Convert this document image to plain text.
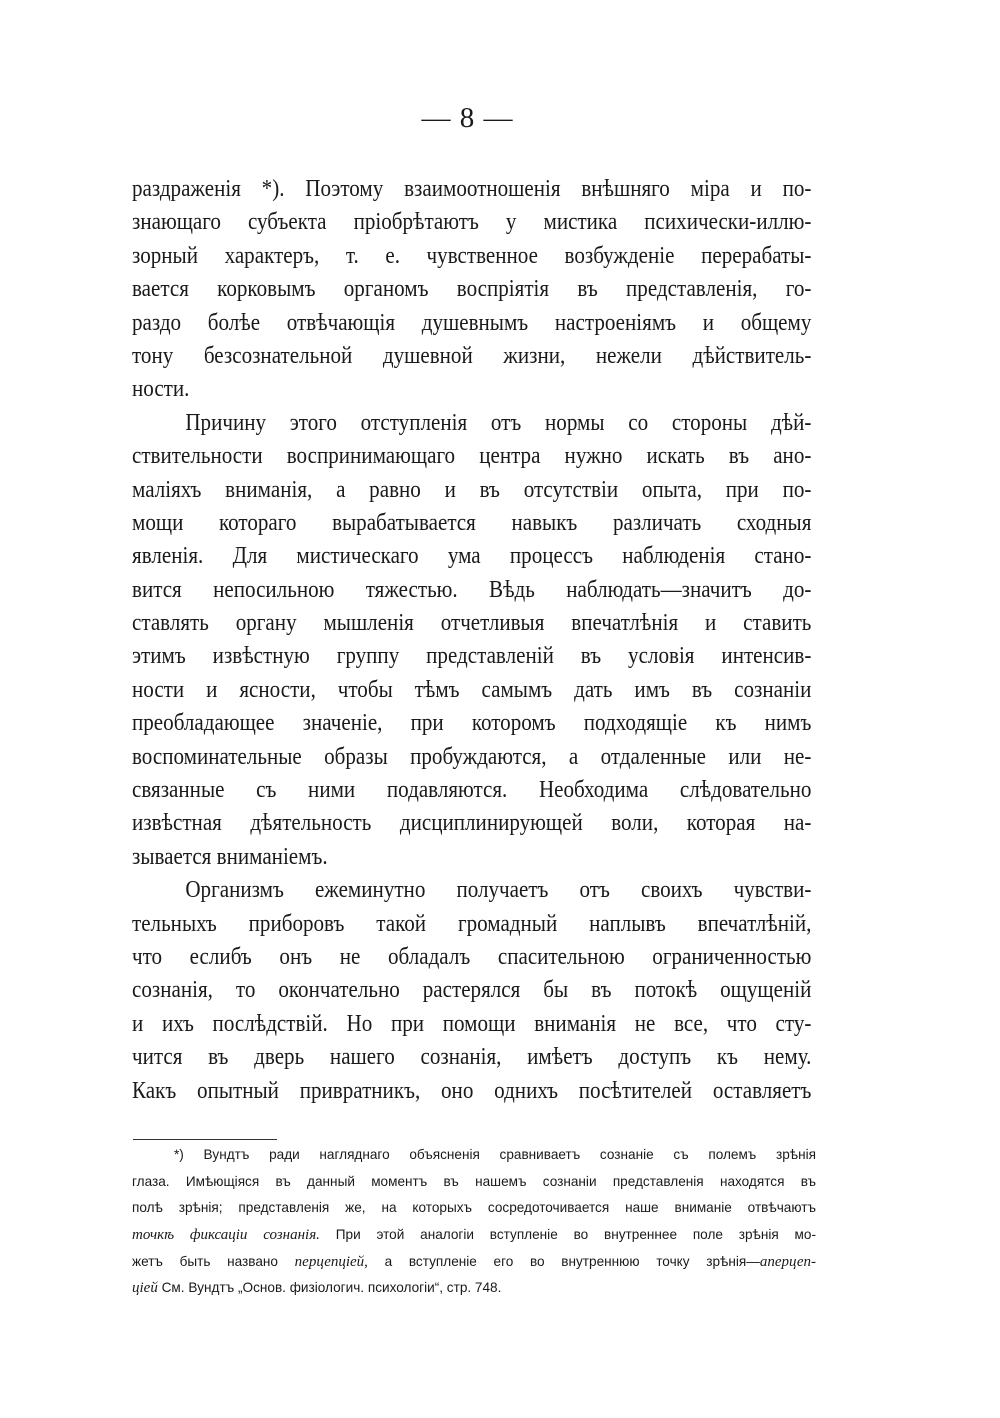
— 8 —
раздраженія *). Поэтому взаимоотношенія внѣшняго міра и по-
знающаго субъекта пріобрѣтаютъ у мистика психически-иллю-
зорный характеръ, т. е. чувственное возбужденіе перерабаты-
вается корковымъ органомъ воспріятія въ представленія, го-
раздо болѣе отвѣчающія душевнымъ настроеніямъ и общему
тону безсознательной душевной жизни, нежели дѣйствитель-
ности.
Причину этого отступленія отъ нормы со стороны дѣй-
ствительности воспринимающаго центра нужно искать въ ано-
маліяхъ вниманія, а равно и въ отсутствіи опыта, при по-
мощи котораго вырабатывается навыкъ различать сходныя
явленія. Для мистическаго ума процессъ наблюденія стано-
вится непосильною тяжестью. Вѣдь наблюдать—значитъ до-
ставлять органу мышленія отчетливыя впечатлѣнія и ставить
этимъ извѣстную группу представленій въ условія интенсив-
ности и ясности, чтобы тѣмъ самымъ дать имъ въ сознаніи
преобладающее значеніе, при которомъ подходящіе къ нимъ
воспоминательные образы пробуждаются, а отдаленные или не-
связанные съ ними подавляются. Необходима слѣдовательно
извѣстная дѣятельность дисциплинирующей воли, которая на-
зывается вниманіемъ.
Организмъ ежеминутно получаетъ отъ своихъ чувстви-
тельныхъ приборовъ такой громадный наплывъ впечатлѣній,
что еслибъ онъ не обладалъ спасительною ограниченностью
сознанія, то окончательно растерялся бы въ потокѣ ощущеній
и ихъ послѣдствій. Но при помощи вниманія не все, что сту-
чится въ дверь нашего сознанія, имѣетъ доступъ къ нему.
Какъ опытный привратникъ, оно однихъ посѣтителей оставляетъ
*) Вундтъ ради нагляднаго объясненія сравниваетъ сознаніе съ полемъ зрѣнія
глаза. Имѣющіяся въ данный моментъ въ нашемъ сознаніи представленія находятся въ
полѣ зрѣнія; представленія же, на которыхъ сосредоточивается наше вниманіе отвѣчаютъ
точкѣ фиксаціи сознанія. При этой аналогіи вступленіе во внутреннее поле зрѣнія мо-
жетъ быть названо перцепціей, а вступленіе его во внутреннюю точку зрѣнія—аперцеп-
ціей См. Вундтъ „Основ. физіологич. психологіи“, стр. 748.
